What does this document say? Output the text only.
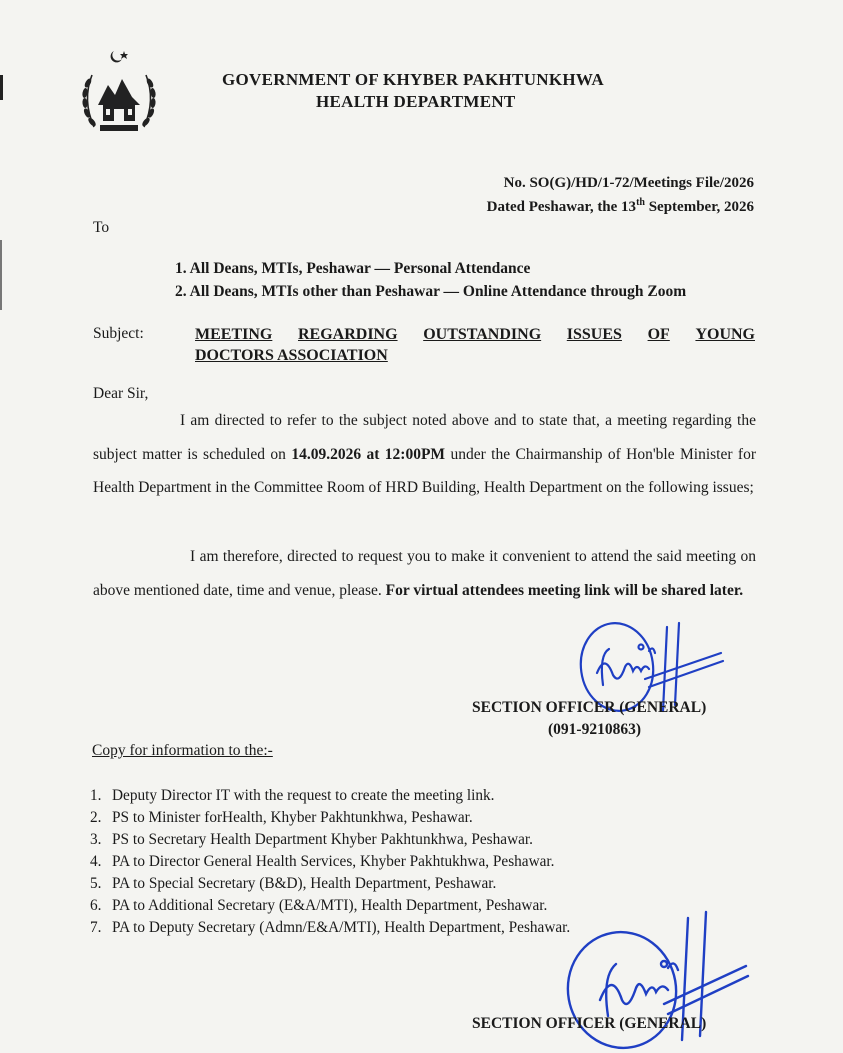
GOVERNMENT OF KHYBER PAKHTUNKHWA
HEALTH DEPARTMENT
No. SO(G)/HD/1-72/Meetings File/2026
Dated Peshawar, the 13th September, 2026
To
1. All Deans, MTIs, Peshawar — Personal Attendance
2. All Deans, MTIs other than Peshawar — Online Attendance through Zoom
Subject:	MEETING REGARDING OUTSTANDING ISSUES OF YOUNG
DOCTORS ASSOCIATION
Dear Sir,
I am directed to refer to the subject noted above and to state that, a meeting regarding the subject matter is scheduled on 14.09.2026 at 12:00PM under the Chairmanship of Hon'ble Minister for Health Department in the Committee Room of HRD Building, Health Department on the following issues;
I am therefore, directed to request you to make it convenient to attend the said meeting on above mentioned date, time and venue, please. For virtual attendees meeting link will be shared later.
SECTION OFFICER (GENERAL)
(091-9210863)
Copy for information to the:-
1. Deputy Director IT with the request to create the meeting link.
2. PS to Minister forHealth, Khyber Pakhtunkhwa, Peshawar.
3. PS to Secretary Health Department Khyber Pakhtunkhwa, Peshawar.
4. PA to Director General Health Services, Khyber Pakhtukhwa, Peshawar.
5. PA to Special Secretary (B&D), Health Department, Peshawar.
6. PA to Additional Secretary (E&A/MTI), Health Department, Peshawar.
7. PA to Deputy Secretary (Admn/E&A/MTI), Health Department, Peshawar.
SECTION OFFICER (GENERAL)
